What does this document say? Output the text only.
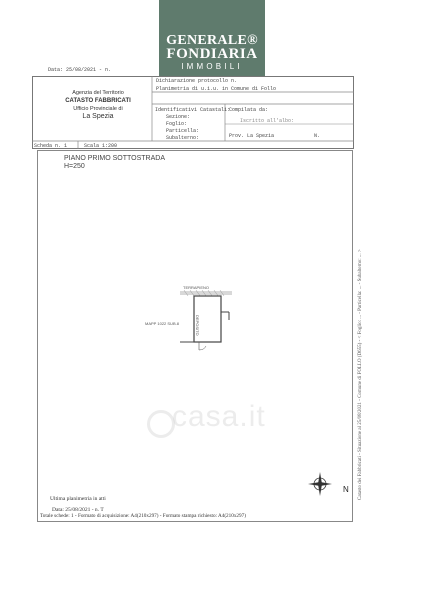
GENERALE®
FONDIARIA
IMMOBILI
Data: 25/08/2021 - n.
Agenzia del Territorio
CATASTO FABBRICATI
Ufficio Provinciale di
La Spezia
Dichiarazione protocollo n.
Planimetria di u.i.u. in Comune di Follo
Identificativi Catastali:
Sezione:
Foglio:
Particella:
Subalterno:
Compilata da:
Iscritto all'albo:
Prov. La Spezia	N.
Scheda n. 1	Scala 1:200
PIANO PRIMO SOTTOSTRADA
H=250
TERRAPIENO
MAPP 1022 SUB.8	DEPOSITO
casa.it	Catasto dei Fabbricati - Situazione al 25/08/2021 - Comune di FOLLO (D655) - < Foglio: ... - Particella: ... - Subalterno: ... >
N
Ultima planimetria in atti
Data: 25/08/2021 - n. T
Totale schede: 1 - Formato di acquisizione: A4(210x297) - Formato stampa richiesto: A4(210x297)
